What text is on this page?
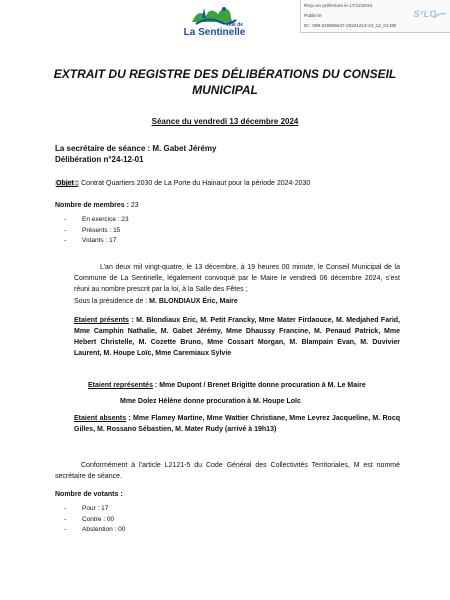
Ville de
La Sentinelle
Reçu en préfecture le 17/12/2024
Publié le
ID : 059-215905647-20241213-24_12_01-DE
S²LO
EXTRAIT DU REGISTRE DES DÉLIBÉRATIONS DU CONSEIL MUNICIPAL
Séance du vendredi 13 décembre 2024
La secrétaire de séance : M. Gabet Jérémy
Délibération n°24-12-01
Objet : Contrat Quartiers 2030 de La Porte du Hainaut pour la période 2024-2030
Nombre de membres : 23
-	En exercice : 23
-	Présents : 15
-	Votants : 17
L’an deux mil vingt-quatre, le 13 décembre, à 19 heures 00 minute, le Conseil Municipal de la Commune de La Sentinelle, légalement convoqué par le Maire le vendredi 06 décembre 2024, s’est réuni au nombre prescrit par la loi, à la Salle des Fêtes ;
Sous la présidence de : M. BLONDIAUX Éric, Maire
Etaient présents : M. Blondiaux Eric, M. Petit Francky, Mme Mater Firdaouce, M. Medjahed Farid, Mme Camphin Nathalie, M. Gabet Jérémy, Mme Dhaussy Francine, M. Penaud Patrick, Mme Hebert Christelle, M. Cozette Bruno, Mme Cossart Morgan, M. Blampain Evan, M. Duvivier Laurent, M. Houpe Loïc, Mme Caremiaux Sylvie
Etaient représentés : Mme Dupont / Brenet Brigitte donne procuration à M. Le Maire
Mme Dolez Hélène donne procuration à M. Houpe Loïc
Etaient absents : Mme Flamey Martine, Mme Wattier Christiane, Mme Levrez Jacqueline, M. Rocq Gilles, M. Rossano Sébastien, M. Mater Rudy (arrivé à 19h13)
Conformément à l’article L2121-5 du Code Général des Collectivités Territoriales, M est nommé secrétaire de séance.
Nombre de votants :
-	Pour : 17
-	Contre : 00
-	Abstention : 00
